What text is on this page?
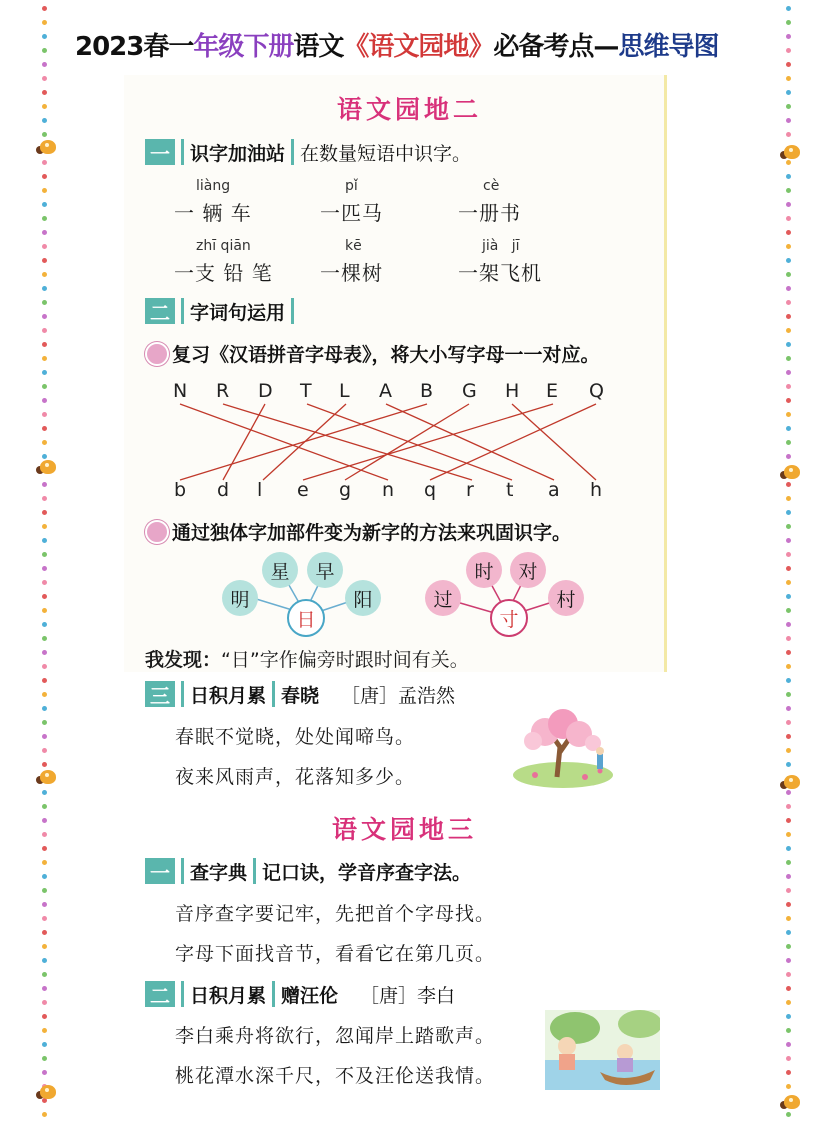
2023春一年级下册语文《语文园地》必备考点—思维导图
语文园地二
一 识字加油站 在数量短语中识字。
liàng
一 辆 车
pǐ
一匹马
cè
一册书
zhī qiān
一支 铅 笔
kē
一棵树
jià   jī
一架飞机
二 字词句运用
复习《汉语拼音字母表》，将大小写字母一一对应。
N R D T L A B G H E Q
b d l e g n q r t a h
通过独体字加部件变为新字的方法来巩固识字。
明
星	早
阳
日
过
时	对
村
寸
我发现：“日”字作偏旁时跟时间有关。
三 日积月累 春晓 ［唐］孟浩然
春眠不觉晓，处处闻啼鸟。
夜来风雨声，花落知多少。
语文园地三
一 查字典 记口诀，学音序查字法。
音序查字要记牢，先把首个字母找。
字母下面找音节，看看它在第几页。
二 日积月累 赠汪伦 ［唐］李白
李白乘舟将欲行，忽闻岸上踏歌声。
桃花潭水深千尺，不及汪伦送我情。
